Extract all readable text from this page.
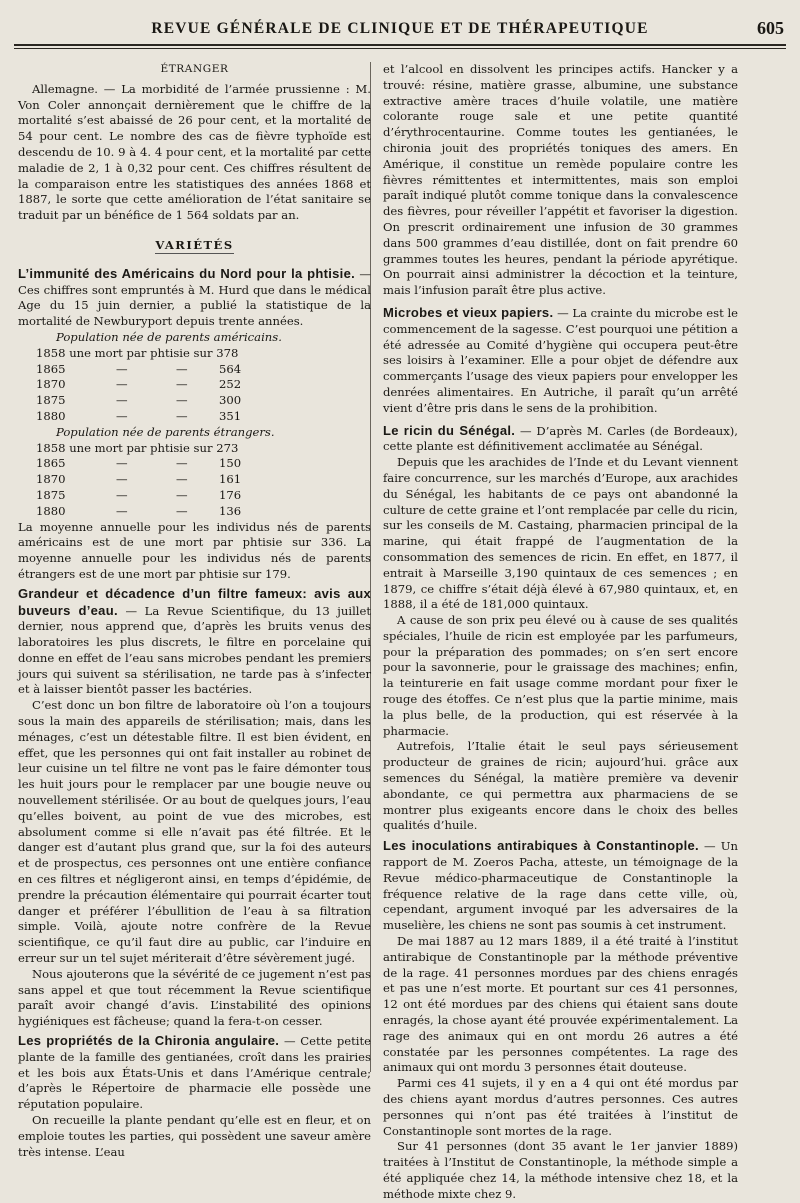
REVUE GÉNÉRALE DE CLINIQUE ET DE THÉRAPEUTIQUE	605

ÉTRANGER

Allemagne. — La morbidité de l’armée prussienne : M. Von Coler annonçait dernièrement que le chiffre de la mortalité s’est abaissé de 26 pour cent, et la mortalité de 54 pour cent. Le nombre des cas de fièvre typhoïde est descendu de 10. 9 à 4. 4 pour cent, et la mortalité par cette maladie de 2, 1 à 0,32 pour cent. Ces chiffres résultent de la comparaison entre les statistiques des années 1868 et 1887, le sorte que cette amélioration de l’état sanitaire se traduit par un bénéfice de 1 564 soldats par an.

VARIÉTÉS

L’immunité des Américains du Nord pour la phtisie. — Ces chiffres sont empruntés à M. Hurd que dans le médical Age du 15 juin dernier, a publié la statistique de la mortalité de Newburyport depuis trente années.

Population née de parents américains.
1858 une mort par phtisie sur 378
1865	—	—	564
1870	—	—	252
1875	—	—	300
1880	—	—	351
Population née de parents étrangers.
1858 une mort par phtisie sur 273
1865	—	—	150
1870	—	—	161
1875	—	—	176
1880	—	—	136

La moyenne annuelle pour les individus nés de parents américains est de une mort par phtisie sur 336. La moyenne annuelle pour les individus nés de parents étrangers est de une mort par phtisie sur 179.

Grandeur et décadence d’un filtre fameux: avis aux buveurs d’eau. — La Revue Scientifique, du 13 juillet dernier, nous apprend que, d’après les bruits venus des laboratoires les plus discrets, le filtre en porcelaine qui donne en effet de l’eau sans microbes pendant les premiers jours qui suivent sa stérilisation, ne tarde pas à s’infecter et à laisser bientôt passer les bactéries.

C’est donc un bon filtre de laboratoire où l’on a toujours sous la main des appareils de stérilisation; mais, dans les ménages, c’est un détestable filtre. Il est bien évident, en effet, que les personnes qui ont fait installer au robinet de leur cuisine un tel filtre ne vont pas le faire démonter tous les huit jours pour le remplacer par une bougie neuve ou nouvellement stérilisée. Or au bout de quelques jours, l’eau qu’elles boivent, au point de vue des microbes, est absolument comme si elle n’avait pas été filtrée. Et le danger est d’autant plus grand que, sur la foi des auteurs et de prospectus, ces personnes ont une entière confiance en ces filtres et négligeront ainsi, en temps d’épidémie, de prendre la précaution élémentaire qui pourrait écarter tout danger et préférer l’ébullition de l’eau à sa filtration simple. Voilà, ajoute notre confrère de la Revue scientifique, ce qu’il faut dire au public, car l’induire en erreur sur un tel sujet mériterait d’être sévèrement jugé.

Nous ajouterons que la sévérité de ce jugement n’est pas sans appel et que tout récemment la Revue scientifique paraît avoir changé d’avis. L’instabilité des opinions hygiéniques est fâcheuse; quand la fera-t-on cesser.

Les propriétés de la Chironia angulaire. — Cette petite plante de la famille des gentianées, croît dans les prairies et les bois aux États-Unis et dans l’Amérique centrale; d’après le Répertoire de pharmacie elle possède une réputation populaire.

On recueille la plante pendant qu’elle est en fleur, et on emploie toutes les parties, qui possèdent une saveur amère très intense. L’eau

et l’alcool en dissolvent les principes actifs. Hancker y a trouvé: résine, matière grasse, albumine, une substance extractive amère traces d’huile volatile, une matière colorante rouge sale et une petite quantité d’érythrocentaurine. Comme toutes les gentianées, le chironia jouit des propriétés toniques des amers. En Amérique, il constitue un remède populaire contre les fièvres rémittentes et intermittentes, mais son emploi paraît indiqué plutôt comme tonique dans la convalescence des fièvres, pour réveiller l’appétit et favoriser la digestion. On prescrit ordinairement une infusion de 30 grammes dans 500 grammes d’eau distillée, dont on fait prendre 60 grammes toutes les heures, pendant la période apyrétique. On pourrait ainsi administrer la décoction et la teinture, mais l’infusion paraît être plus active.

Microbes et vieux papiers. — La crainte du microbe est le commencement de la sagesse. C’est pourquoi une pétition a été adressée au Comité d’hygiène qui occupera peut-être ses loisirs à l’examiner. Elle a pour objet de défendre aux commerçants l’usage des vieux papiers pour envelopper les denrées alimentaires. En Autriche, il paraît qu’un arrêté vient d’être pris dans le sens de la prohibition.

Le ricin du Sénégal. — D’après M. Carles (de Bordeaux), cette plante est définitivement acclimatée au Sénégal.

Depuis que les arachides de l’Inde et du Levant viennent faire concurrence, sur les marchés d’Europe, aux arachides du Sénégal, les habitants de ce pays ont abandonné la culture de cette graine et l’ont remplacée par celle du ricin, sur les conseils de M. Castaing, pharmacien principal de la marine, qui était frappé de l’augmentation de la consommation des semences de ricin. En effet, en 1877, il entrait à Marseille 3,190 quintaux de ces semences ; en 1879, ce chiffre s’était déjà élevé à 67,980 quintaux, et, en 1888, il a été de 181,000 quintaux.

A cause de son prix peu élevé ou à cause de ses qualités spéciales, l’huile de ricin est employée par les parfumeurs, pour la préparation des pommades; on s’en sert encore pour la savonnerie, pour le graissage des machines; enfin, la teinturerie en fait usage comme mordant pour fixer le rouge des étoffes. Ce n’est plus que la partie minime, mais la plus belle, de la production, qui est réservée à la pharmacie.

Autrefois, l’Italie était le seul pays sérieusement producteur de graines de ricin; aujourd’hui. grâce aux semences du Sénégal, la matière première va devenir abondante, ce qui permettra aux pharmaciens de se montrer plus exigeants encore dans le choix des belles qualités d’huile.

Les inoculations antirabiques à Constantinople. — Un rapport de M. Zoeros Pacha, atteste, un témoignage de la Revue médico-pharmaceutique de Constantinople la fréquence relative de la rage dans cette ville, où, cependant, argument invoqué par les adversaires de la muselière, les chiens ne sont pas soumis à cet instrument.

De mai 1887 au 12 mars 1889, il a été traité à l’institut antirabique de Constantinople par la méthode préventive de la rage. 41 personnes mordues par des chiens enragés et pas une n’est morte. Et pourtant sur ces 41 personnes, 12 ont été mordues par des chiens qui étaient sans doute enragés, la chose ayant été prouvée expérimentalement. La rage des animaux qui en ont mordu 26 autres a été constatée par les personnes compétentes. La rage des animaux qui ont mordu 3 personnes était douteuse.

Parmi ces 41 sujets, il y en a 4 qui ont été mordus par des chiens ayant mordus d’autres personnes. Ces autres personnes qui n’ont pas été traitées à l’institut de Constantinople sont mortes de la rage.

Sur 41 personnes (dont 35 avant le 1er janvier 1889) traitées à l’Institut de Constantinople, la méthode simple a été appliquée chez 14, la méthode intensive chez 18, et la méthode mixte chez 9.
